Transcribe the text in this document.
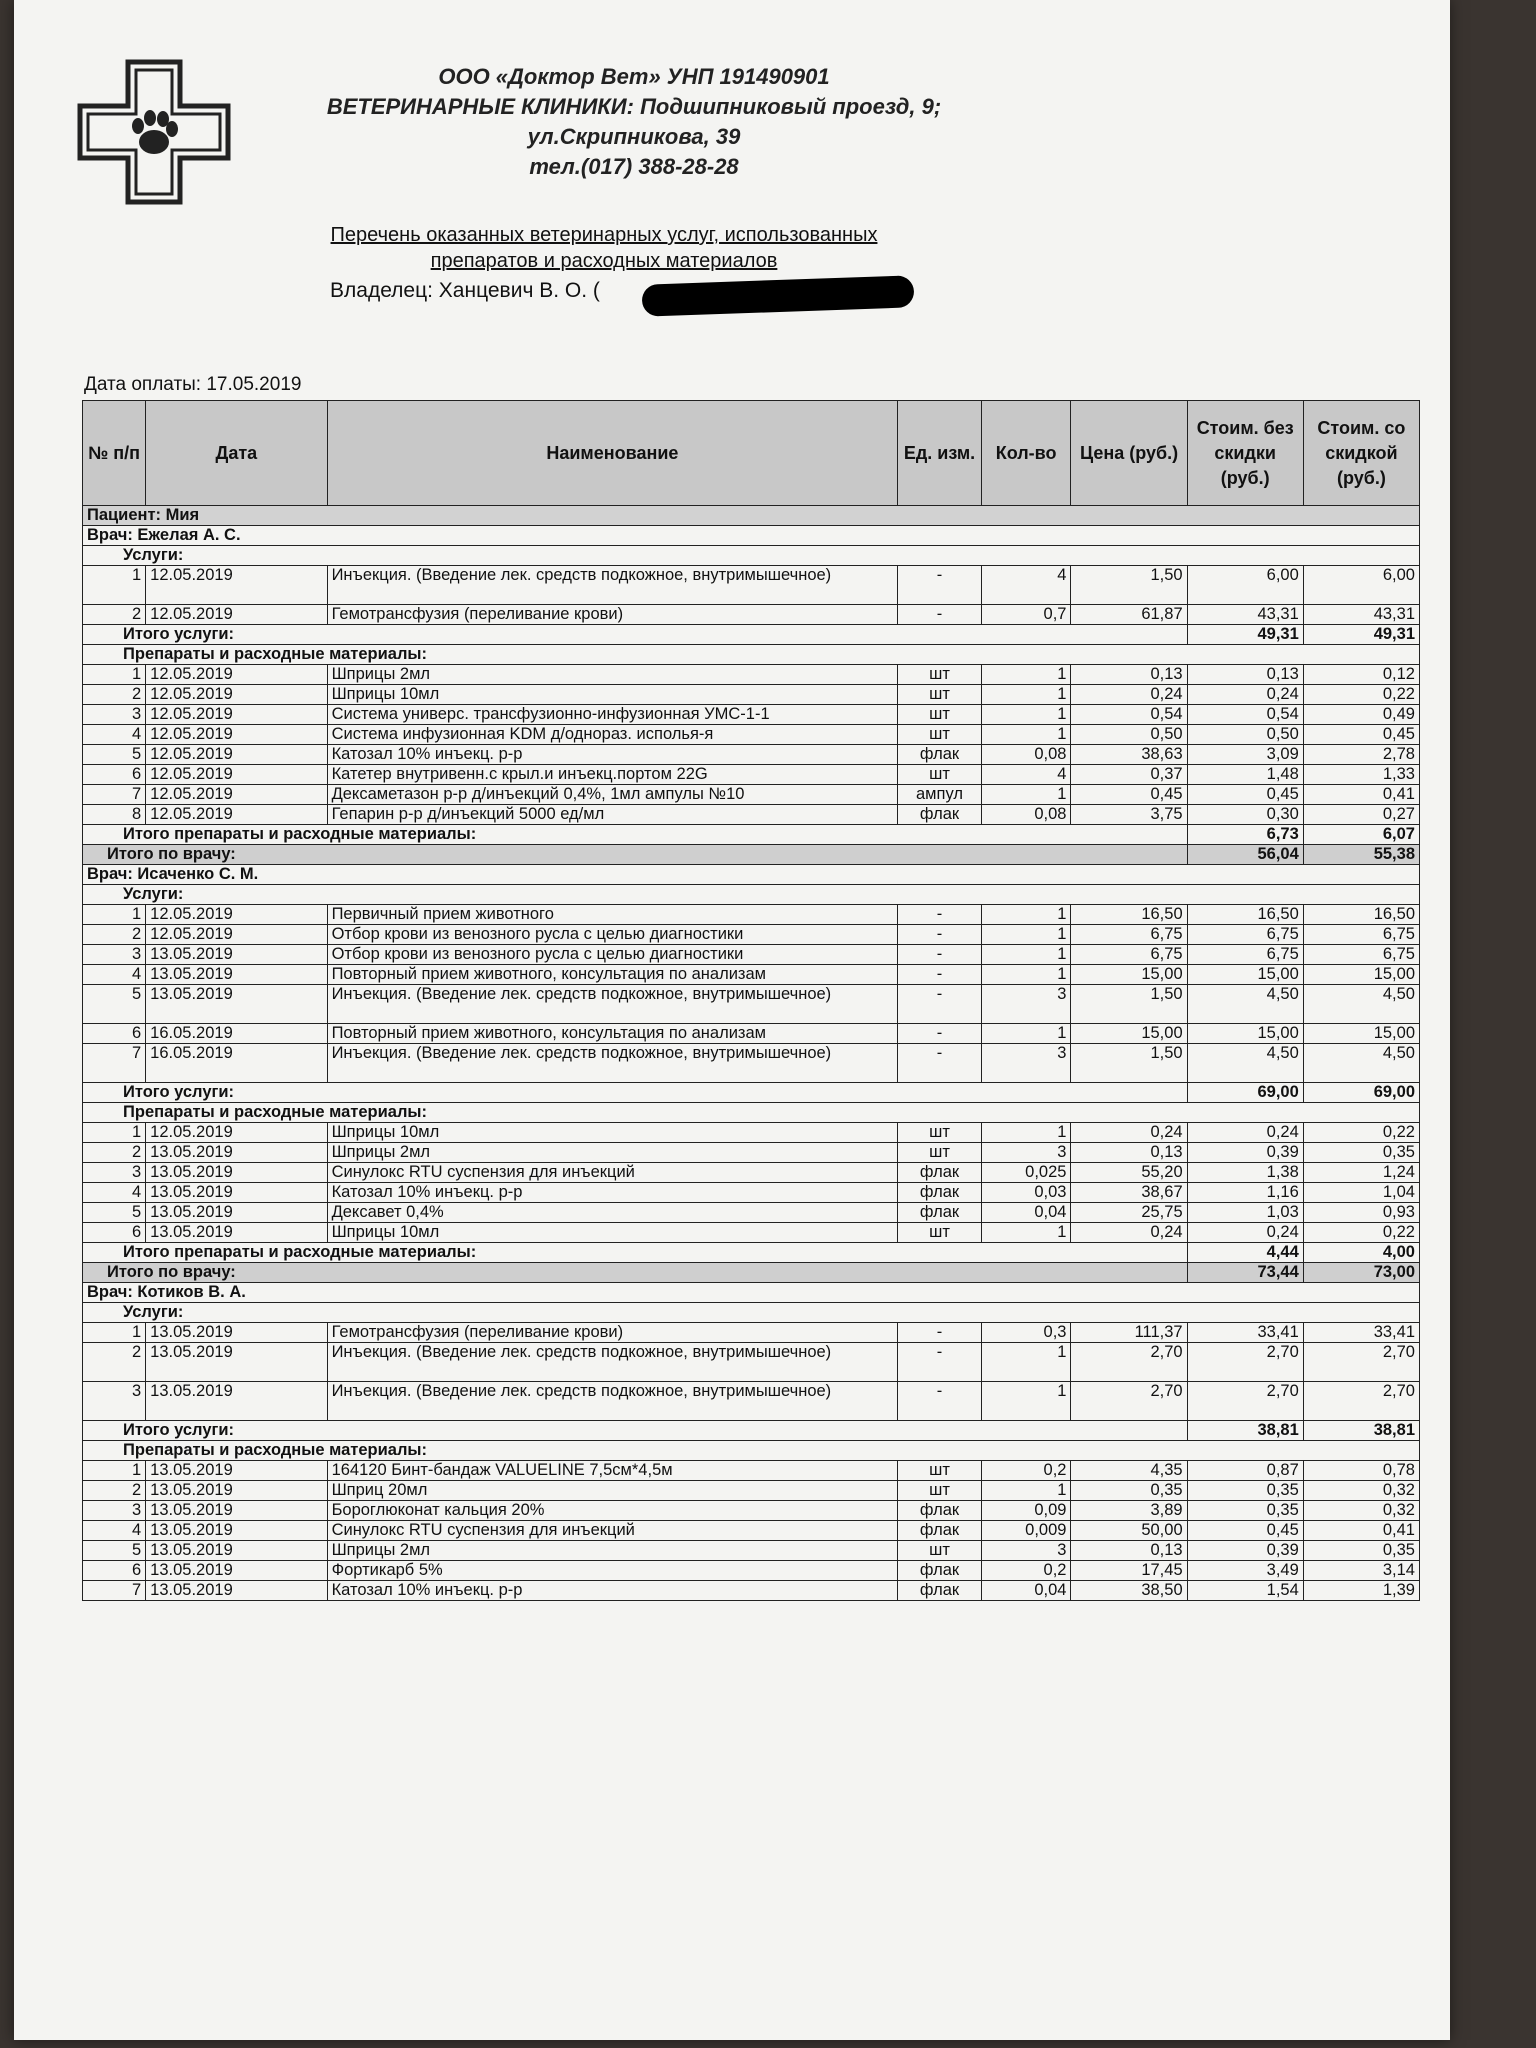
ООО «Доктор Вет» УНП 191490901
ВЕТЕРИНАРНЫЕ КЛИНИКИ: Подшипниковый проезд, 9;
ул.Скрипникова, 39
тел.(017) 388-28-28
Перечень оказанных ветеринарных услуг, использованных
препаратов и расходных материалов
Владелец: Ханцевич В. О. (
Дата оплаты: 17.05.2019
№ п/п	Дата	Наименование	Ед. изм.	Кол-во	Цена (руб.)	Стоим. без скидки (руб.)	Стоим. со скидкой (руб.)
Пациент: Мия							
Врач: Ежелая А. С.							
Услуги:							
1	12.05.2019	Инъекция. (Введение лек. средств подкожное, внутримышечное)	-	4	1,50	6,00	6,00
2	12.05.2019	Гемотрансфузия (переливание крови)	-	0,7	61,87	43,31	43,31
Итого услуги:						49,31	49,31
Препараты и расходные материалы:							
1	12.05.2019	Шприцы 2мл	шт	1	0,13	0,13	0,12
2	12.05.2019	Шприцы 10мл	шт	1	0,24	0,24	0,22
3	12.05.2019	Система универс. трансфузионно-инфузионная УМС-1-1	шт	1	0,54	0,54	0,49
4	12.05.2019	Система инфузионная KDM д/однораз. исполья-я	шт	1	0,50	0,50	0,45
5	12.05.2019	Катозал 10% инъекц. р-р	флак	0,08	38,63	3,09	2,78
6	12.05.2019	Катетер внутривенн.с крыл.и инъекц.портом 22G	шт	4	0,37	1,48	1,33
7	12.05.2019	Дексаметазон р-р д/инъекций 0,4%, 1мл ампулы №10	ампул	1	0,45	0,45	0,41
8	12.05.2019	Гепарин р-р д/инъекций 5000 ед/мл	флак	0,08	3,75	0,30	0,27
Итого препараты и расходные материалы:						6,73	6,07
Итого по врачу:						56,04	55,38
Врач: Исаченко С. М.							
Услуги:							
1	12.05.2019	Первичный прием животного	-	1	16,50	16,50	16,50
2	12.05.2019	Отбор крови из венозного русла с целью диагностики	-	1	6,75	6,75	6,75
3	13.05.2019	Отбор крови из венозного русла с целью диагностики	-	1	6,75	6,75	6,75
4	13.05.2019	Повторный прием животного, консультация по анализам	-	1	15,00	15,00	15,00
5	13.05.2019	Инъекция. (Введение лек. средств подкожное, внутримышечное)	-	3	1,50	4,50	4,50
6	16.05.2019	Повторный прием животного, консультация по анализам	-	1	15,00	15,00	15,00
7	16.05.2019	Инъекция. (Введение лек. средств подкожное, внутримышечное)	-	3	1,50	4,50	4,50
Итого услуги:						69,00	69,00
Препараты и расходные материалы:							
1	12.05.2019	Шприцы 10мл	шт	1	0,24	0,24	0,22
2	13.05.2019	Шприцы 2мл	шт	3	0,13	0,39	0,35
3	13.05.2019	Синулокс RTU суспензия для инъекций	флак	0,025	55,20	1,38	1,24
4	13.05.2019	Катозал 10% инъекц. р-р	флак	0,03	38,67	1,16	1,04
5	13.05.2019	Дексавет 0,4%	флак	0,04	25,75	1,03	0,93
6	13.05.2019	Шприцы 10мл	шт	1	0,24	0,24	0,22
Итого препараты и расходные материалы:						4,44	4,00
Итого по врачу:						73,44	73,00
Врач: Котиков В. А.							
Услуги:							
1	13.05.2019	Гемотрансфузия (переливание крови)	-	0,3	111,37	33,41	33,41
2	13.05.2019	Инъекция. (Введение лек. средств подкожное, внутримышечное)	-	1	2,70	2,70	2,70
3	13.05.2019	Инъекция. (Введение лек. средств подкожное, внутримышечное)	-	1	2,70	2,70	2,70
Итого услуги:						38,81	38,81
Препараты и расходные материалы:							
1	13.05.2019	164120 Бинт-бандаж VALUELINE 7,5см*4,5м	шт	0,2	4,35	0,87	0,78
2	13.05.2019	Шприц 20мл	шт	1	0,35	0,35	0,32
3	13.05.2019	Бороглюконат кальция 20%	флак	0,09	3,89	0,35	0,32
4	13.05.2019	Синулокс RTU суспензия для инъекций	флак	0,009	50,00	0,45	0,41
5	13.05.2019	Шприцы 2мл	шт	3	0,13	0,39	0,35
6	13.05.2019	Фортикарб 5%	флак	0,2	17,45	3,49	3,14
7	13.05.2019	Катозал 10% инъекц. р-р	флак	0,04	38,50	1,54	1,39
